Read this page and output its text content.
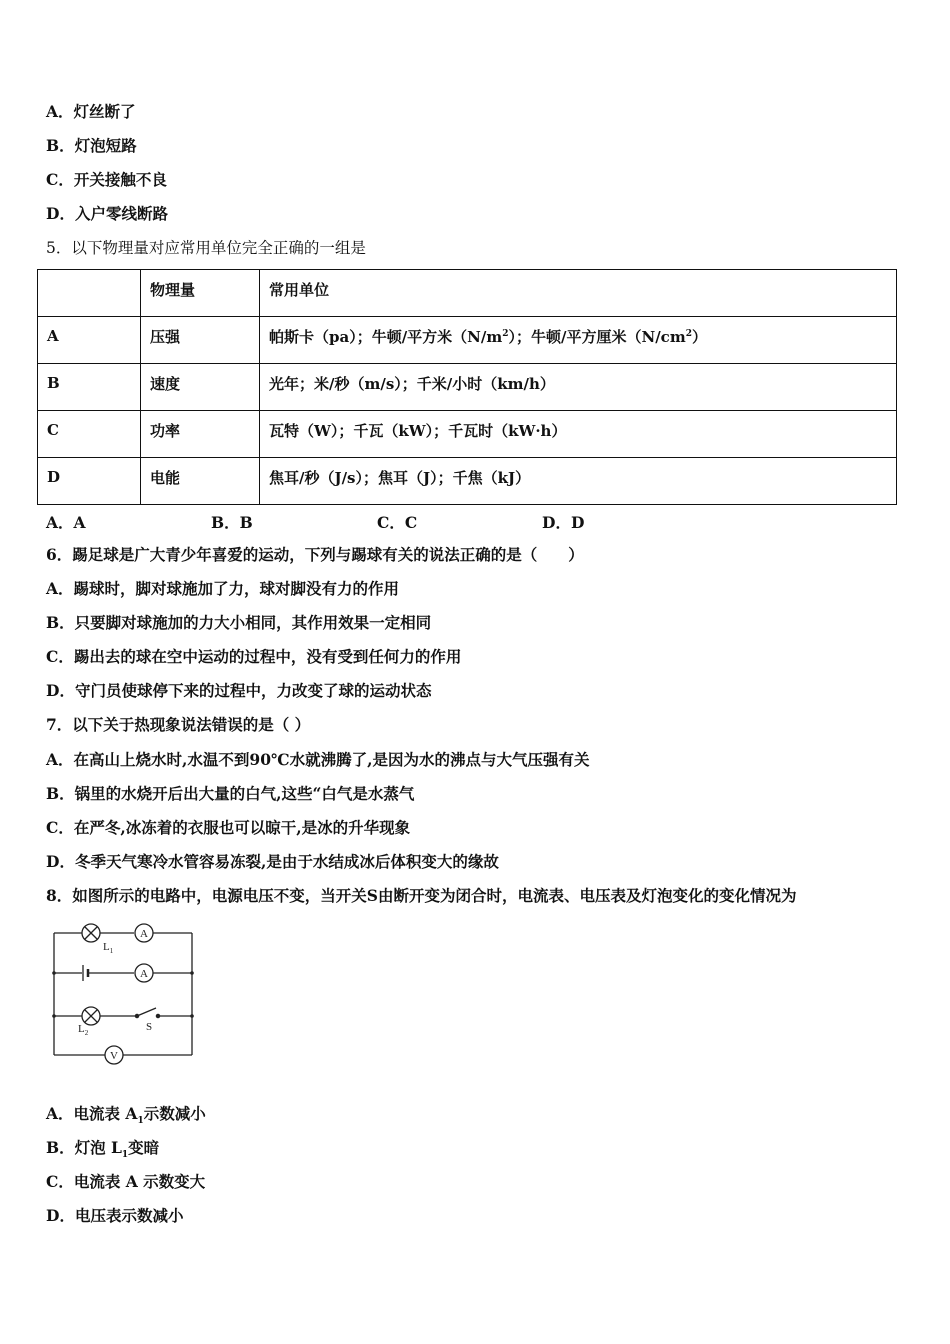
A．灯丝断了
B．灯泡短路
C．开关接触不良
D．入户零线断路
5．以下物理量对应常用单位完全正确的一组是
	物理量	常用单位
A	压强	帕斯卡（pa）；牛顿/平方米$(N/m^2)$；牛顿/平方厘米$(N/cm^2)$
B	速度	光年；米/秒（m/s）；千米/小时（km/h）
C	功率	瓦特（W）；千瓦（kW）；千瓦时（kW·h）
D	电能	焦耳/秒（J/s）；焦耳（J）；千焦（kJ）
A．A	B．B	C．C	D．D
6．踢足球是广大青少年喜爱的运动，下列与踢球有关的说法正确的是（　　）
A．踢球时，脚对球施加了力，球对脚没有力的作用
B．只要脚对球施加的力大小相同，其作用效果一定相同
C．踢出去的球在空中运动的过程中，没有受到任何力的作用
D．守门员使球停下来的过程中，力改变了球的运动状态
7．以下关于热现象说法错误的是（ ）
A．在高山上烧水时,水温不到90℃水就沸腾了,是因为水的沸点与大气压强有关
B．锅里的水烧开后出大量的白气,这些“白气是水蒸气
C．在严冬,冰冻着的衣服也可以晾干,是冰的升华现象
D．冬季天气寒冷水管容易冻裂,是由于水结成冰后体积变大的缘故
8．如图所示的电路中，电源电压不变，当开关S由断开变为闭合时，电流表、电压表及灯泡变化的变化情况为
A
$L_1$
A
$L_2$	S
V
A．电流表 $A_1$示数减小
B．灯泡 $L_1$变暗
C．电流表 A 示数变大
D．电压表示数减小
